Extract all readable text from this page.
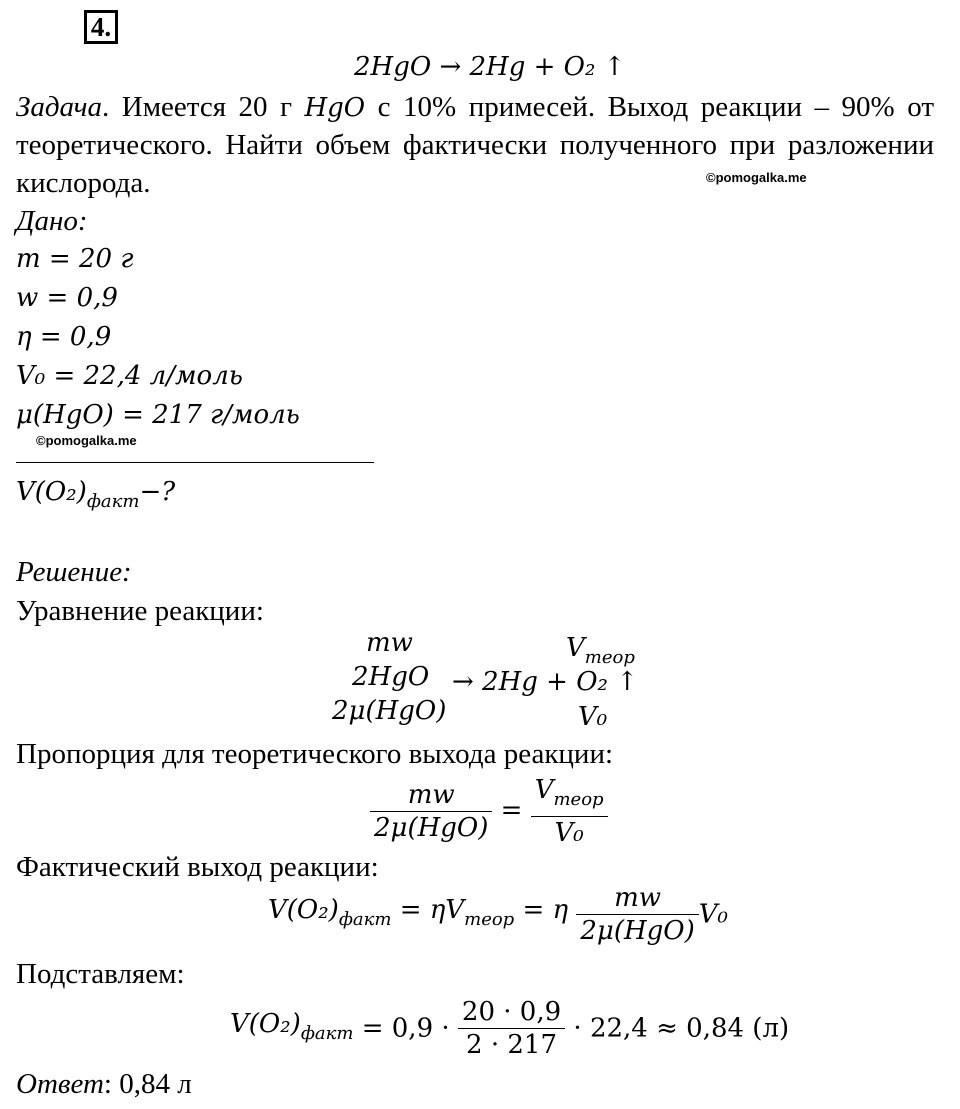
4.
2HgO → 2Hg + O₂ ↑
Задача. Имеется 20 г HgO с 10% примесей. Выход реакции – 90% от теоретического. Найти объем фактически полученного при разложении кислорода.	©pomogalka.me
Дано:
m = 20 г
w = 0,9
η = 0,9
V₀ = 22,4 л/моль
μ(HgO) = 217 г/моль
©pomogalka.me
$V(O_2)_{факт}-$?
Решение:
Уравнение реакции:
mw	$V_{теор}$
2HgO → 2Hg + O₂ ↑
2μ(HgO)	V₀
Пропорция для теоретического выхода реакции:
$\frac{mw}{\text{2μ(HgO)}} = \frac{V_{теор}}{\text{V₀}}$
Фактический выход реакции:
$V(O_2)_{факт} = \eta V_{теор} = \eta \frac{mw}{\text{2μ(HgO)}} V_0$
Подставляем:
$V(O_2)_{факт} = 0,9 \cdot \frac{20 \cdot 0,9}{2 \cdot 217} \cdot 22,4 \approx 0,84$ (л)
Ответ: 0,84 л
